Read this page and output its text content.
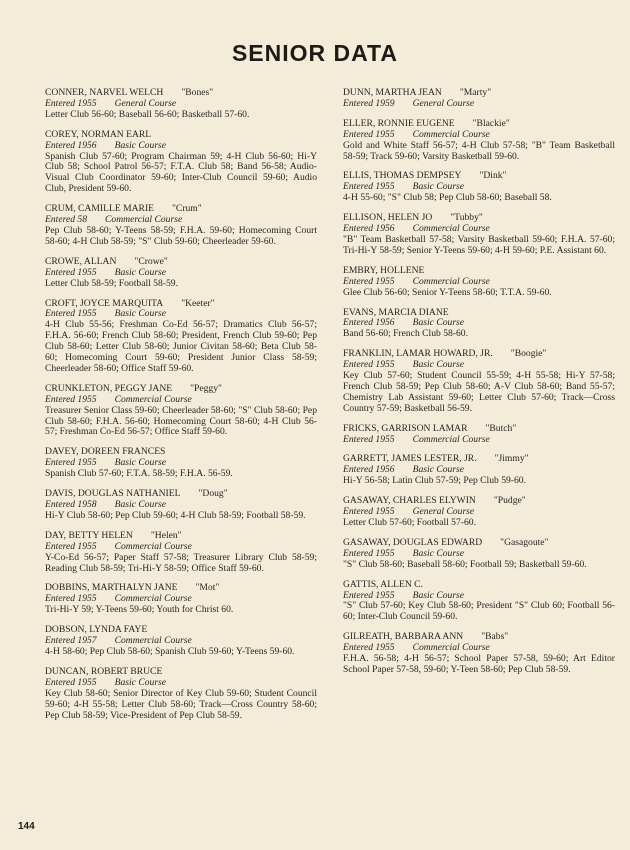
SENIOR DATA
CONNER, NARVEL WELCH "Bones"
Entered 1955 General Course
Letter Club 56-60; Baseball 56-60; Basketball 57-60.
COREY, NORMAN EARL
Entered 1956 Basic Course
Spanish Club 57-60; Program Chairman 59; 4-H Club 56-60; Hi-Y Club 58; School Patrol 56-57; F.T.A. Club 58; Band 56-58; Audio-Visual Club Coordinator 59-60; Inter-Club Council 59-60; Audio Club, President 59-60.
CRUM, CAMILLE MARIE "Crum"
Entered 58 Commercial Course
Pep Club 58-60; Y-Teens 58-59; F.H.A. 59-60; Homecoming Court 58-60; 4-H Club 58-59; "S" Club 59-60; Cheerleader 59-60.
CROWE, ALLAN "Crowe"
Entered 1955 Basic Course
Letter Club 58-59; Football 58-59.
CROFT, JOYCE MARQUITA "Keeter"
Entered 1955 Basic Course
4-H Club 55-56; Freshman Co-Ed 56-57; Dramatics Club 56-57; F.H.A. 56-60; French Club 58-60; President, French Club 59-60; Pep Club 58-60; Letter Club 58-60; Junior Civitan 58-60; Beta Club 58-60; Homecoming Court 59-60; President Junior Class 58-59; Cheerleader 58-60; Office Staff 59-60.
CRUNKLETON, PEGGY JANE "Peggy"
Entered 1955 Commercial Course
Treasurer Senior Class 59-60; Cheerleader 58-60; "S" Club 58-60; Pep Club 58-60; F.H.A. 56-60; Homecoming Court 58-60; 4-H Club 56-57; Freshman Co-Ed 56-57; Office Staff 59-60.
DAVEY, DOREEN FRANCES
Entered 1955 Basic Course
Spanish Club 57-60; F.T.A. 58-59; F.H.A. 56-59.
DAVIS, DOUGLAS NATHANIEL "Doug"
Entered 1958 Basic Course
Hi-Y Club 58-60; Pep Club 59-60; 4-H Club 58-59; Football 58-59.
DAY, BETTY HELEN "Helen"
Entered 1955 Commercial Course
Y-Co-Ed 56-57; Paper Staff 57-58; Treasurer Library Club 58-59; Reading Club 58-59; Tri-Hi-Y 58-59; Office Staff 59-60.
DOBBINS, MARTHALYN JANE "Mot"
Entered 1955 Commercial Course
Tri-Hi-Y 59; Y-Teens 59-60; Youth for Christ 60.
DOBSON, LYNDA FAYE
Entered 1957 Commercial Course
4-H 58-60; Pep Club 58-60; Spanish Club 59-60; Y-Teens 59-60.
DUNCAN, ROBERT BRUCE
Entered 1955 Basic Course
Key Club 58-60; Senior Director of Key Club 59-60; Student Council 59-60; 4-H 55-58; Letter Club 58-60; Track—Cross Country 58-60; Pep Club 58-59; Vice-President of Pep Club 58-59.
DUNN, MARTHA JEAN "Marty"
Entered 1959 General Course
ELLER, RONNIE EUGENE "Blackie"
Entered 1955 Commercial Course
Gold and White Staff 56-57; 4-H Club 57-58; "B" Team Basketball 58-59; Track 59-60; Varsity Basketball 59-60.
ELLIS, THOMAS DEMPSEY "Dink"
Entered 1955 Basic Course
4-H 55-60; "S" Club 58; Pep Club 58-60; Baseball 58.
ELLISON, HELEN JO "Tubby"
Entered 1956 Commercial Course
"B" Team Basketball 57-58; Varsity Basketball 59-60; F.H.A. 57-60; Tri-Hi-Y 58-59; Senior Y-Teens 59-60; 4-H 59-60; P.E. Assistant 60.
EMBRY, HOLLENE
Entered 1955 Commercial Course
Glee Club 56-60; Senior Y-Teens 58-60; T.T.A. 59-60.
EVANS, MARCIA DIANE
Entered 1956 Basic Course
Band 56-60; French Club 58-60.
FRANKLIN, LAMAR HOWARD, JR. "Boogie"
Entered 1955 Basic Course
Key Club 57-60; Student Council 55-59; 4-H 55-58; Hi-Y 57-58; French Club 58-59; Pep Club 58-60; A-V Club 58-60; Band 55-57; Chemistry Lab Assistant 59-60; Letter Club 57-60; Track—Cross Country 57-59; Basketball 56-59.
FRICKS, GARRISON LAMAR "Butch"
Entered 1955 Commercial Course
GARRETT, JAMES LESTER, JR. "Jimmy"
Entered 1956 Basic Course
Hi-Y 56-58; Latin Club 57-59; Pep Club 59-60.
GASAWAY, CHARLES ELYWIN "Pudge"
Entered 1955 General Course
Letter Club 57-60; Football 57-60.
GASAWAY, DOUGLAS EDWARD "Gasagoute"
Entered 1955 Basic Course
"S" Club 58-60; Baseball 58-60; Football 59; Basketball 59-60.
GATTIS, ALLEN C.
Entered 1955 Basic Course
"S" Club 57-60; Key Club 58-60; President "S" Club 60; Football 56-60; Inter-Club Council 59-60.
GILREATH, BARBARA ANN "Babs"
Entered 1955 Commercial Course
F.H.A. 56-58; 4-H 56-57; School Paper 57-58, 59-60; Art Editor School Paper 57-58, 59-60; Y-Teen 58-60; Pep Club 58-59.
144
